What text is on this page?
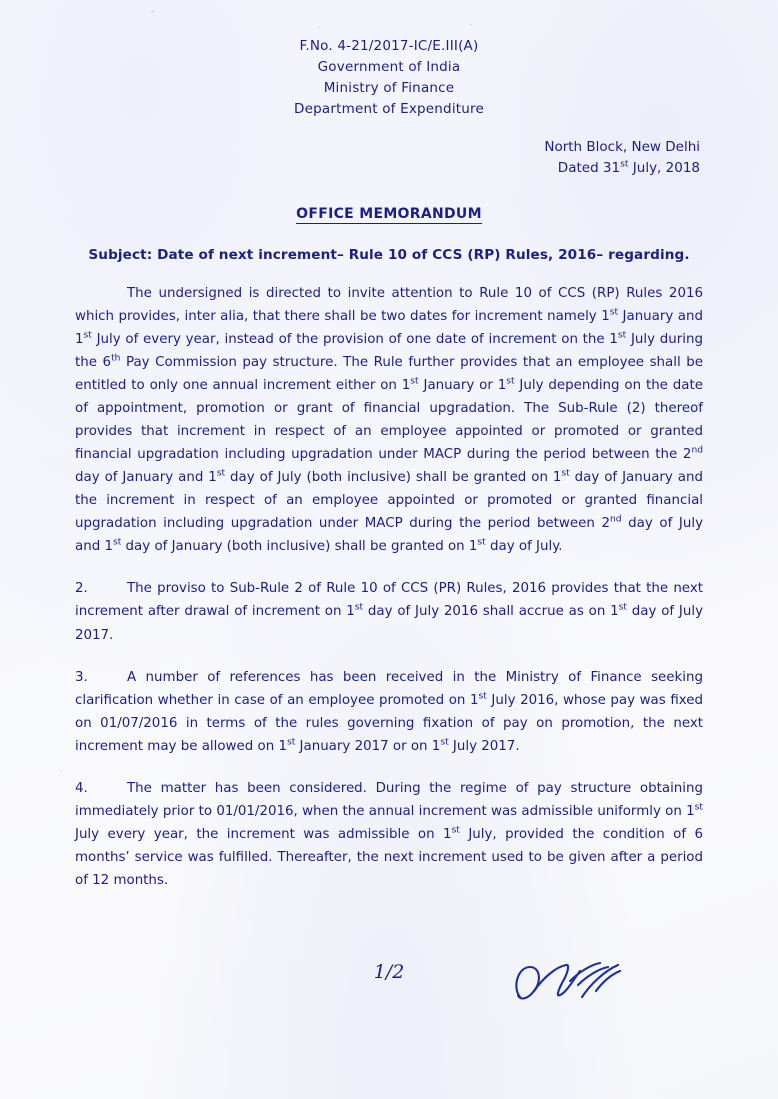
F.No. 4-21/2017-IC/E.III(A)
Government of India
Ministry of Finance
Department of Expenditure
North Block, New Delhi
Dated 31st July, 2018
OFFICE MEMORANDUM
Subject: Date of next increment– Rule 10 of CCS (RP) Rules, 2016– regarding.
The undersigned is directed to invite attention to Rule 10 of CCS (RP) Rules 2016 which provides, inter alia, that there shall be two dates for increment namely 1st January and 1st July of every year, instead of the provision of one date of increment on the 1st July during the 6th Pay Commission pay structure. The Rule further provides that an employee shall be entitled to only one annual increment either on 1st January or 1st July depending on the date of appointment, promotion or grant of financial upgradation. The Sub-Rule (2) thereof provides that increment in respect of an employee appointed or promoted or granted financial upgradation including upgradation under MACP during the period between the 2nd day of January and 1st day of July (both inclusive) shall be granted on 1st day of January and the increment in respect of an employee appointed or promoted or granted financial upgradation including upgradation under MACP during the period between 2nd day of July and 1st day of January (both inclusive) shall be granted on 1st day of July.
2.	The proviso to Sub-Rule 2 of Rule 10 of CCS (PR) Rules, 2016 provides that the next increment after drawal of increment on 1st day of July 2016 shall accrue as on 1st day of July 2017.
3.	A number of references has been received in the Ministry of Finance seeking clarification whether in case of an employee promoted on 1st July 2016, whose pay was fixed on 01/07/2016 in terms of the rules governing fixation of pay on promotion, the next increment may be allowed on 1st January 2017 or on 1st July 2017.
4.	The matter has been considered. During the regime of pay structure obtaining immediately prior to 01/01/2016, when the annual increment was admissible uniformly on 1st July every year, the increment was admissible on 1st July, provided the condition of 6 months’ service was fulfilled. Thereafter, the next increment used to be given after a period of 12 months.
1/2
